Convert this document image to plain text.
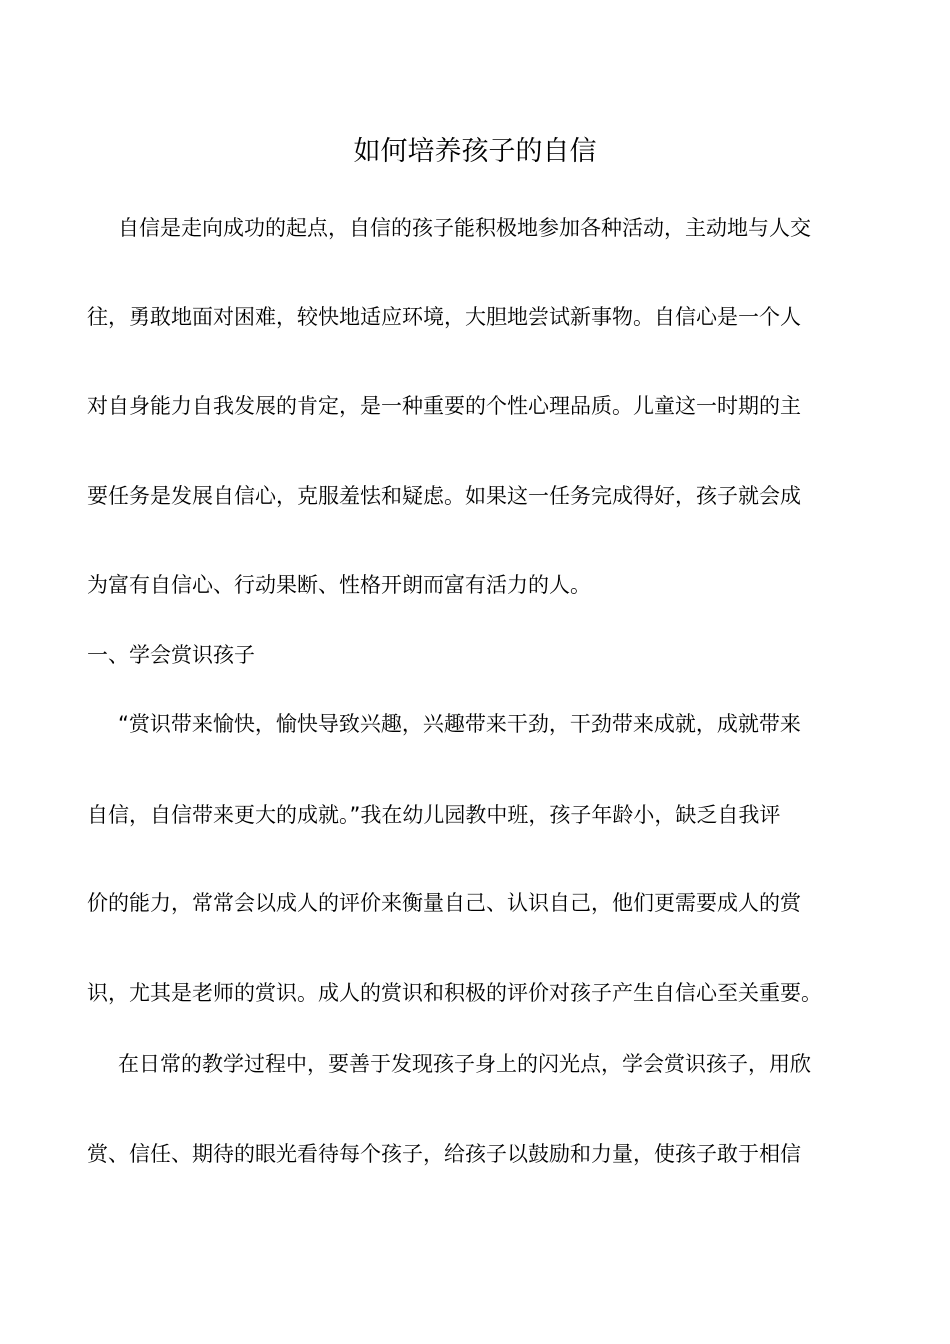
如何培养孩子的自信
自信是走向成功的起点，自信的孩子能积极地参加各种活动，主动地与人交
往，勇敢地面对困难，较快地适应环境，大胆地尝试新事物。自信心是一个人
对自身能力自我发展的肯定，是一种重要的个性心理品质。儿童这一时期的主
要任务是发展自信心，克服羞怯和疑虑。如果这一任务完成得好，孩子就会成
为富有自信心、行动果断、性格开朗而富有活力的人。
一、学会赏识孩子
“赏识带来愉快，愉快导致兴趣，兴趣带来干劲，干劲带来成就，成就带来
自信，自信带来更大的成就。”我在幼儿园教中班，孩子年龄小，缺乏自我评
价的能力，常常会以成人的评价来衡量自己、认识自己，他们更需要成人的赏
识，尤其是老师的赏识。成人的赏识和积极的评价对孩子产生自信心至关重要。
在日常的教学过程中，要善于发现孩子身上的闪光点，学会赏识孩子，用欣
赏、信任、期待的眼光看待每个孩子，给孩子以鼓励和力量，使孩子敢于相信
